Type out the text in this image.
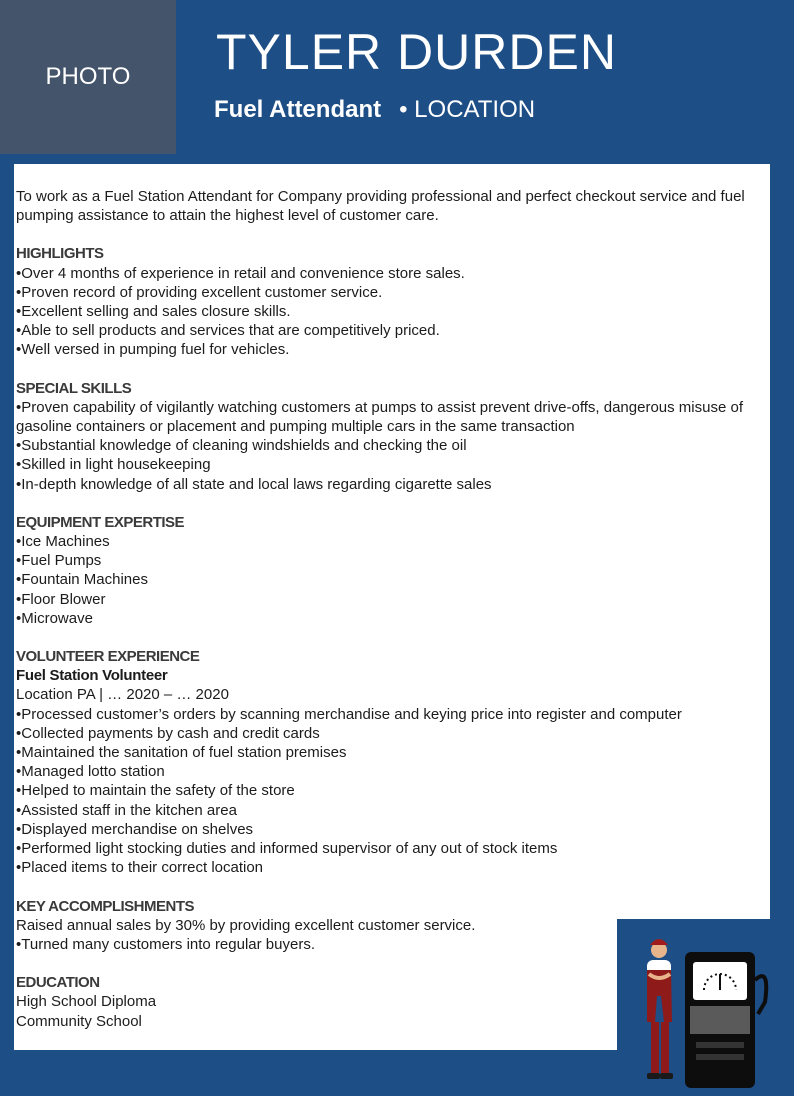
PHOTO TYLER DURDEN
Fuel Attendant • LOCATION

To work as a Fuel Station Attendant for Company providing professional and perfect checkout service and fuel pumping assistance to attain the highest level of customer care.

HIGHLIGHTS

•Over 4 months of experience in retail and convenience store sales.

•Proven record of providing excellent customer service.

•Excellent selling and sales closure skills.

•Able to sell products and services that are competitively priced.

•Well versed in pumping fuel for vehicles.

SPECIAL SKILLS

•Proven capability of vigilantly watching customers at pumps to assist prevent drive-offs, dangerous misuse of gasoline containers or placement and pumping multiple cars in the same transaction

•Substantial knowledge of cleaning windshields and checking the oil

•Skilled in light housekeeping

•In-depth knowledge of all state and local laws regarding cigarette sales

EQUIPMENT EXPERTISE

•Ice Machines

•Fuel Pumps

•Fountain Machines

•Floor Blower

•Microwave

VOLUNTEER EXPERIENCE

Fuel Station Volunteer

Location PA | … 2020 – … 2020

•Processed customer’s orders by scanning merchandise and keying price into register and computer

•Collected payments by cash and credit cards

•Maintained the sanitation of fuel station premises

•Managed lotto station

•Helped to maintain the safety of the store

•Assisted staff in the kitchen area

•Displayed merchandise on shelves

•Performed light stocking duties and informed supervisor of any out of stock items

•Placed items to their correct location

KEY ACCOMPLISHMENTS

Raised annual sales by 30% by providing excellent customer service.

•Turned many customers into regular buyers.

EDUCATION

High School Diploma

Community School
